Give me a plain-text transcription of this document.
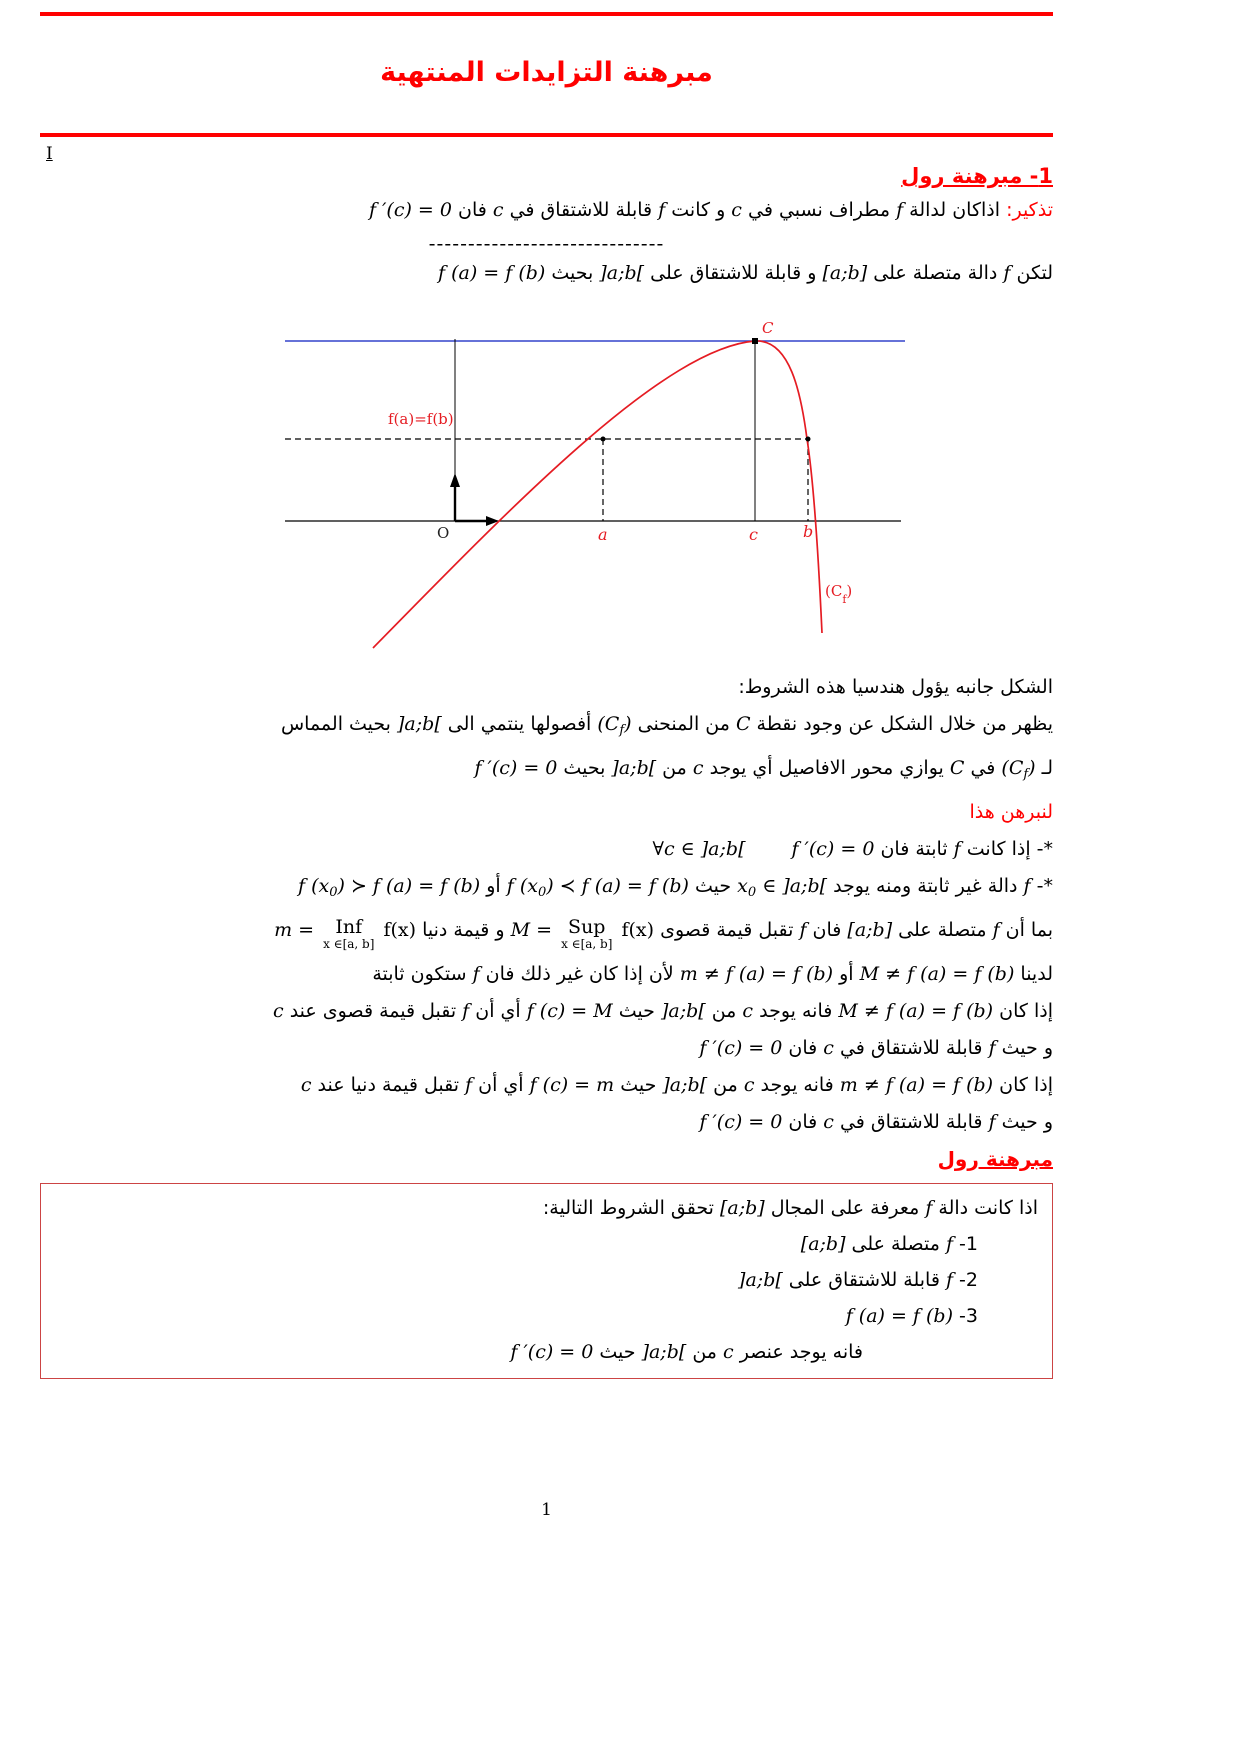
مبرهنة التزايدات المنتهية
I
1- مبرهنة رول
تذكير: اذاكان لدالة f مطراف نسبي في c و كانت f قابلة للاشتقاق في c فان f ′(c) = 0
------------------------------
لتكن f دالة متصلة على [a;b] و قابلة للاشتقاق على ]a;b[ بحيث f (a) = f (b)
f(a)=f(b)
O	a	c	b
C
$(C_f)$
الشكل جانبه يؤول هندسيا هذه الشروط:
يظهر من خلال الشكل عن وجود نقطة C من المنحنى $(C_f)$ أفصولها ينتمي الى ]a;b[ بحيث المماس
لـ $(C_f)$ في C يوازي محور الافاصيل أي يوجد c من ]a;b[ بحيث f ′(c) = 0
لنبرهن هذا
*- إذا كانت f ثابتة فان f ′(c) = 0 ∀c ∈ ]a;b[
*- f دالة غير ثابتة ومنه يوجد $x_0$ ∈ ]a;b[ حيث f $(x_0)$ ≺ f (a) = f (b) أو f $(x_0)$ ≻ f (a) = f (b)
بما أن f متصلة على [a;b] فان f تقبل قيمة قصوى M = Sup
x ∈[a, b]
f(x) و قيمة دنيا m = Inf
x ∈[a, b]
f(x)
لدينا M ≠ f (a) = f (b) أو m ≠ f (a) = f (b) لأن إذا كان غير ذلك فان f ستكون ثابتة
إذا كان M ≠ f (a) = f (b) فانه يوجد c من ]a;b[ حيث f (c) = M أي أن f تقبل قيمة قصوى عند c
و حيث f قابلة للاشتقاق في c فان f ′(c) = 0
إذا كان m ≠ f (a) = f (b) فانه يوجد c من ]a;b[ حيث f (c) = m أي أن f تقبل قيمة دنيا عند c
و حيث f قابلة للاشتقاق في c فان f ′(c) = 0
مبرهنة رول
اذا كانت دالة f معرفة على المجال [a;b] تحقق الشروط التالية:
1- f متصلة على [a;b]
2- f قابلة للاشتقاق على ]a;b[
3- f (a) = f (b)
فانه يوجد عنصر c من ]a;b[ حيث f ′(c) = 0
1
